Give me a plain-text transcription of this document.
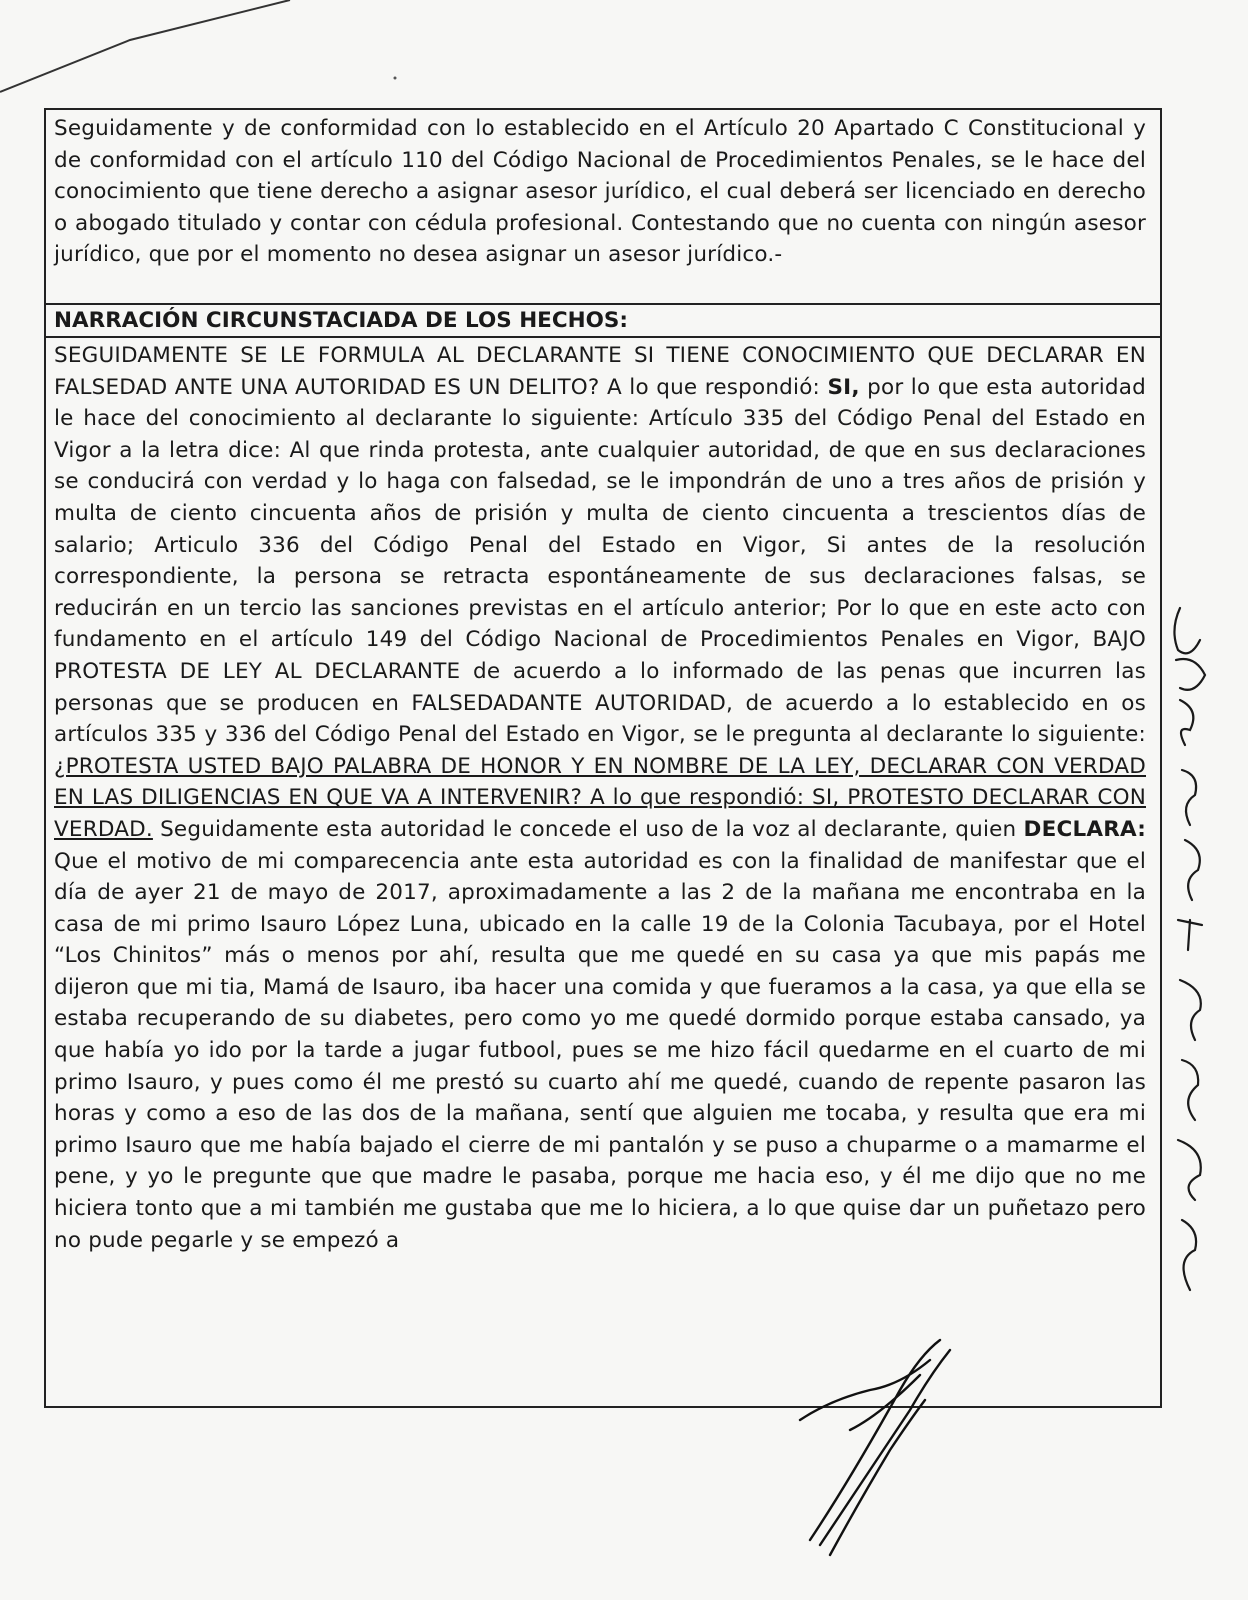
Seguidamente y de conformidad con lo establecido en el Artículo 20 Apartado C Constitucional y de conformidad con el artículo 110 del Código Nacional de Procedimientos Penales, se le hace del conocimiento que tiene derecho a asignar asesor jurídico, el cual deberá ser licenciado en derecho o abogado titulado y contar con cédula profesional. Contestando que no cuenta con ningún asesor jurídico, que por el momento no desea asignar un asesor jurídico.-
NARRACIÓN CIRCUNSTACIADA DE LOS HECHOS:
SEGUIDAMENTE SE LE FORMULA AL DECLARANTE SI TIENE CONOCIMIENTO QUE DECLARAR EN FALSEDAD ANTE UNA AUTORIDAD ES UN DELITO? A lo que respondió: SI, por lo que esta autoridad le hace del conocimiento al declarante lo siguiente: Artículo 335 del Código Penal del Estado en Vigor a la letra dice: Al que rinda protesta, ante cualquier autoridad, de que en sus declaraciones se conducirá con verdad y lo haga con falsedad, se le impondrán de uno a tres años de prisión y multa de ciento cincuenta años de prisión y multa de ciento cincuenta a trescientos días de salario; Articulo 336 del Código Penal del Estado en Vigor, Si antes de la resolución correspondiente, la persona se retracta espontáneamente de sus declaraciones falsas, se reducirán en un tercio las sanciones previstas en el artículo anterior; Por lo que en este acto con fundamento en el artículo 149 del Código Nacional de Procedimientos Penales en Vigor, BAJO PROTESTA DE LEY AL DECLARANTE de acuerdo a lo informado de las penas que incurren las personas que se producen en FALSEDADANTE AUTORIDAD, de acuerdo a lo establecido en os artículos 335 y 336 del Código Penal del Estado en Vigor, se le pregunta al declarante lo siguiente: ¿PROTESTA USTED BAJO PALABRA DE HONOR Y EN NOMBRE DE LA LEY, DECLARAR CON VERDAD EN LAS DILIGENCIAS EN QUE VA A INTERVENIR? A lo que respondió: SI, PROTESTO DECLARAR CON VERDAD. Seguidamente esta autoridad le concede el uso de la voz al declarante, quien DECLARA: Que el motivo de mi comparecencia ante esta autoridad es con la finalidad de manifestar que el día de ayer 21 de mayo de 2017, aproximadamente a las 2 de la mañana me encontraba en la casa de mi primo Isauro López Luna, ubicado en la calle 19 de la Colonia Tacubaya, por el Hotel “Los Chinitos” más o menos por ahí, resulta que me quedé en su casa ya que mis papás me dijeron que mi tia, Mamá de Isauro, iba hacer una comida y que fueramos a la casa, ya que ella se estaba recuperando de su diabetes, pero como yo me quedé dormido porque estaba cansado, ya que había yo ido por la tarde a jugar futbool, pues se me hizo fácil quedarme en el cuarto de mi primo Isauro, y pues como él me prestó su cuarto ahí me quedé, cuando de repente pasaron las horas y como a eso de las dos de la mañana, sentí que alguien me tocaba, y resulta que era mi primo Isauro que me había bajado el cierre de mi pantalón y se puso a chuparme o a mamarme el pene, y yo le pregunte que que madre le pasaba, porque me hacia eso, y él me dijo que no me hiciera tonto que a mi también me gustaba que me lo hiciera, a lo que quise dar un puñetazo pero no pude pegarle y se empezó a
